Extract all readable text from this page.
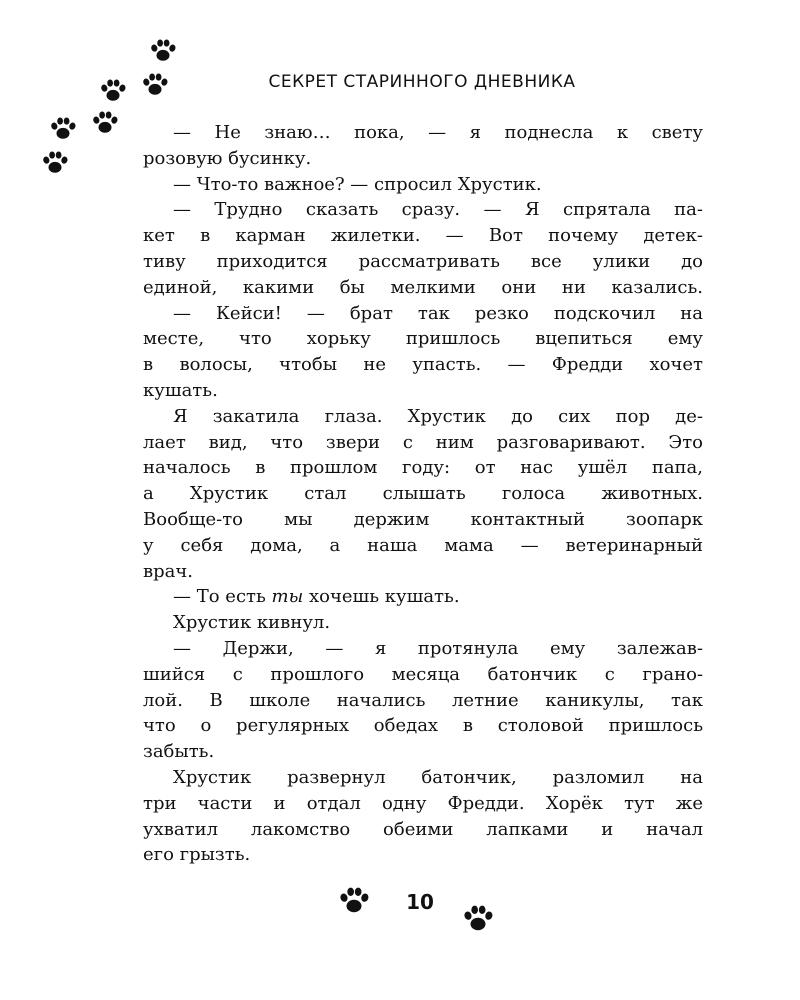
СЕКРЕТ СТАРИННОГО ДНЕВНИКА
— Не знаю… пока, — я поднесла к свету
розовую бусинку.
— Что-то важное? — спросил Хрустик.
— Трудно сказать сразу. — Я спрятала па-
кет в карман жилетки. — Вот почему детек-
тиву приходится рассматривать все улики до
единой, какими бы мелкими они ни казались.
— Кейси! — брат так резко подскочил на
месте, что хорьку пришлось вцепиться ему
в волосы, чтобы не упасть. — Фредди хочет
кушать.
Я закатила глаза. Хрустик до сих пор де-
лает вид, что звери с ним разговаривают. Это
началось в прошлом году: от нас ушёл папа,
а Хрустик стал слышать голоса животных.
Вообще-то мы держим контактный зоопарк
у себя дома, а наша мама — ветеринарный
врач.
— То есть ты хочешь кушать.
Хрустик кивнул.
— Держи, — я протянула ему залежав-
шийся с прошлого месяца батончик с грано-
лой. В школе начались летние каникулы, так
что о регулярных обедах в столовой пришлось
забыть.
Хрустик развернул батончик, разломил на
три части и отдал одну Фредди. Хорёк тут же
ухватил лакомство обеими лапками и начал
его грызть.
10
